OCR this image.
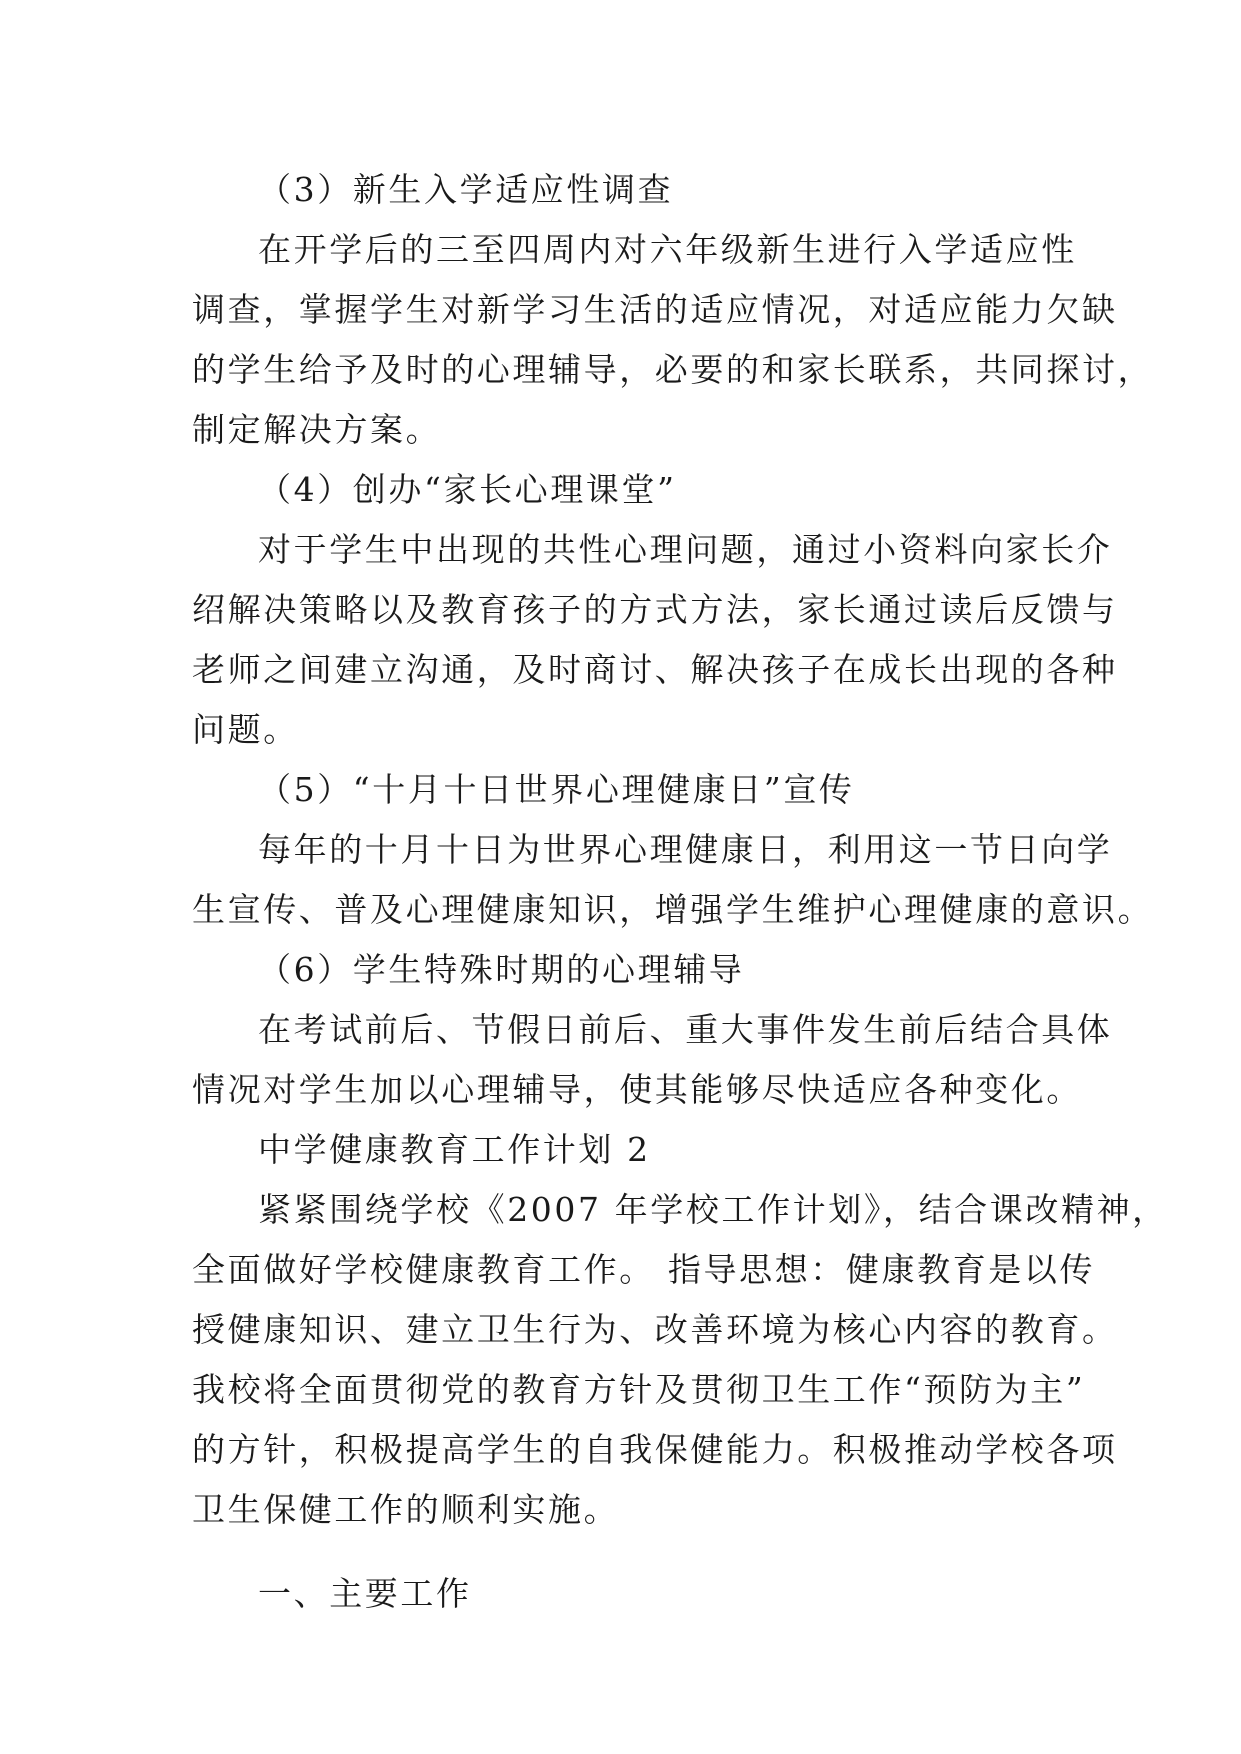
（3）新生入学适应性调查
在开学后的三至四周内对六年级新生进行入学适应性
调查，掌握学生对新学习生活的适应情况，对适应能力欠缺
的学生给予及时的心理辅导，必要的和家长联系，共同探讨，
制定解决方案。
（4）创办“家长心理课堂”
对于学生中出现的共性心理问题，通过小资料向家长介
绍解决策略以及教育孩子的方式方法，家长通过读后反馈与
老师之间建立沟通，及时商讨、解决孩子在成长出现的各种
问题。
（5）“十月十日世界心理健康日”宣传
每年的十月十日为世界心理健康日，利用这一节日向学
生宣传、普及心理健康知识，增强学生维护心理健康的意识。
（6）学生特殊时期的心理辅导
在考试前后、节假日前后、重大事件发生前后结合具体
情况对学生加以心理辅导，使其能够尽快适应各种变化。
中学健康教育工作计划 2
紧紧围绕学校《2007 年学校工作计划》，结合课改精神，
全面做好学校健康教育工作。 指导思想：健康教育是以传
授健康知识、建立卫生行为、改善环境为核心内容的教育。
我校将全面贯彻党的教育方针及贯彻卫生工作“预防为主”
的方针，积极提高学生的自我保健能力。积极推动学校各项
卫生保健工作的顺利实施。
一、主要工作
